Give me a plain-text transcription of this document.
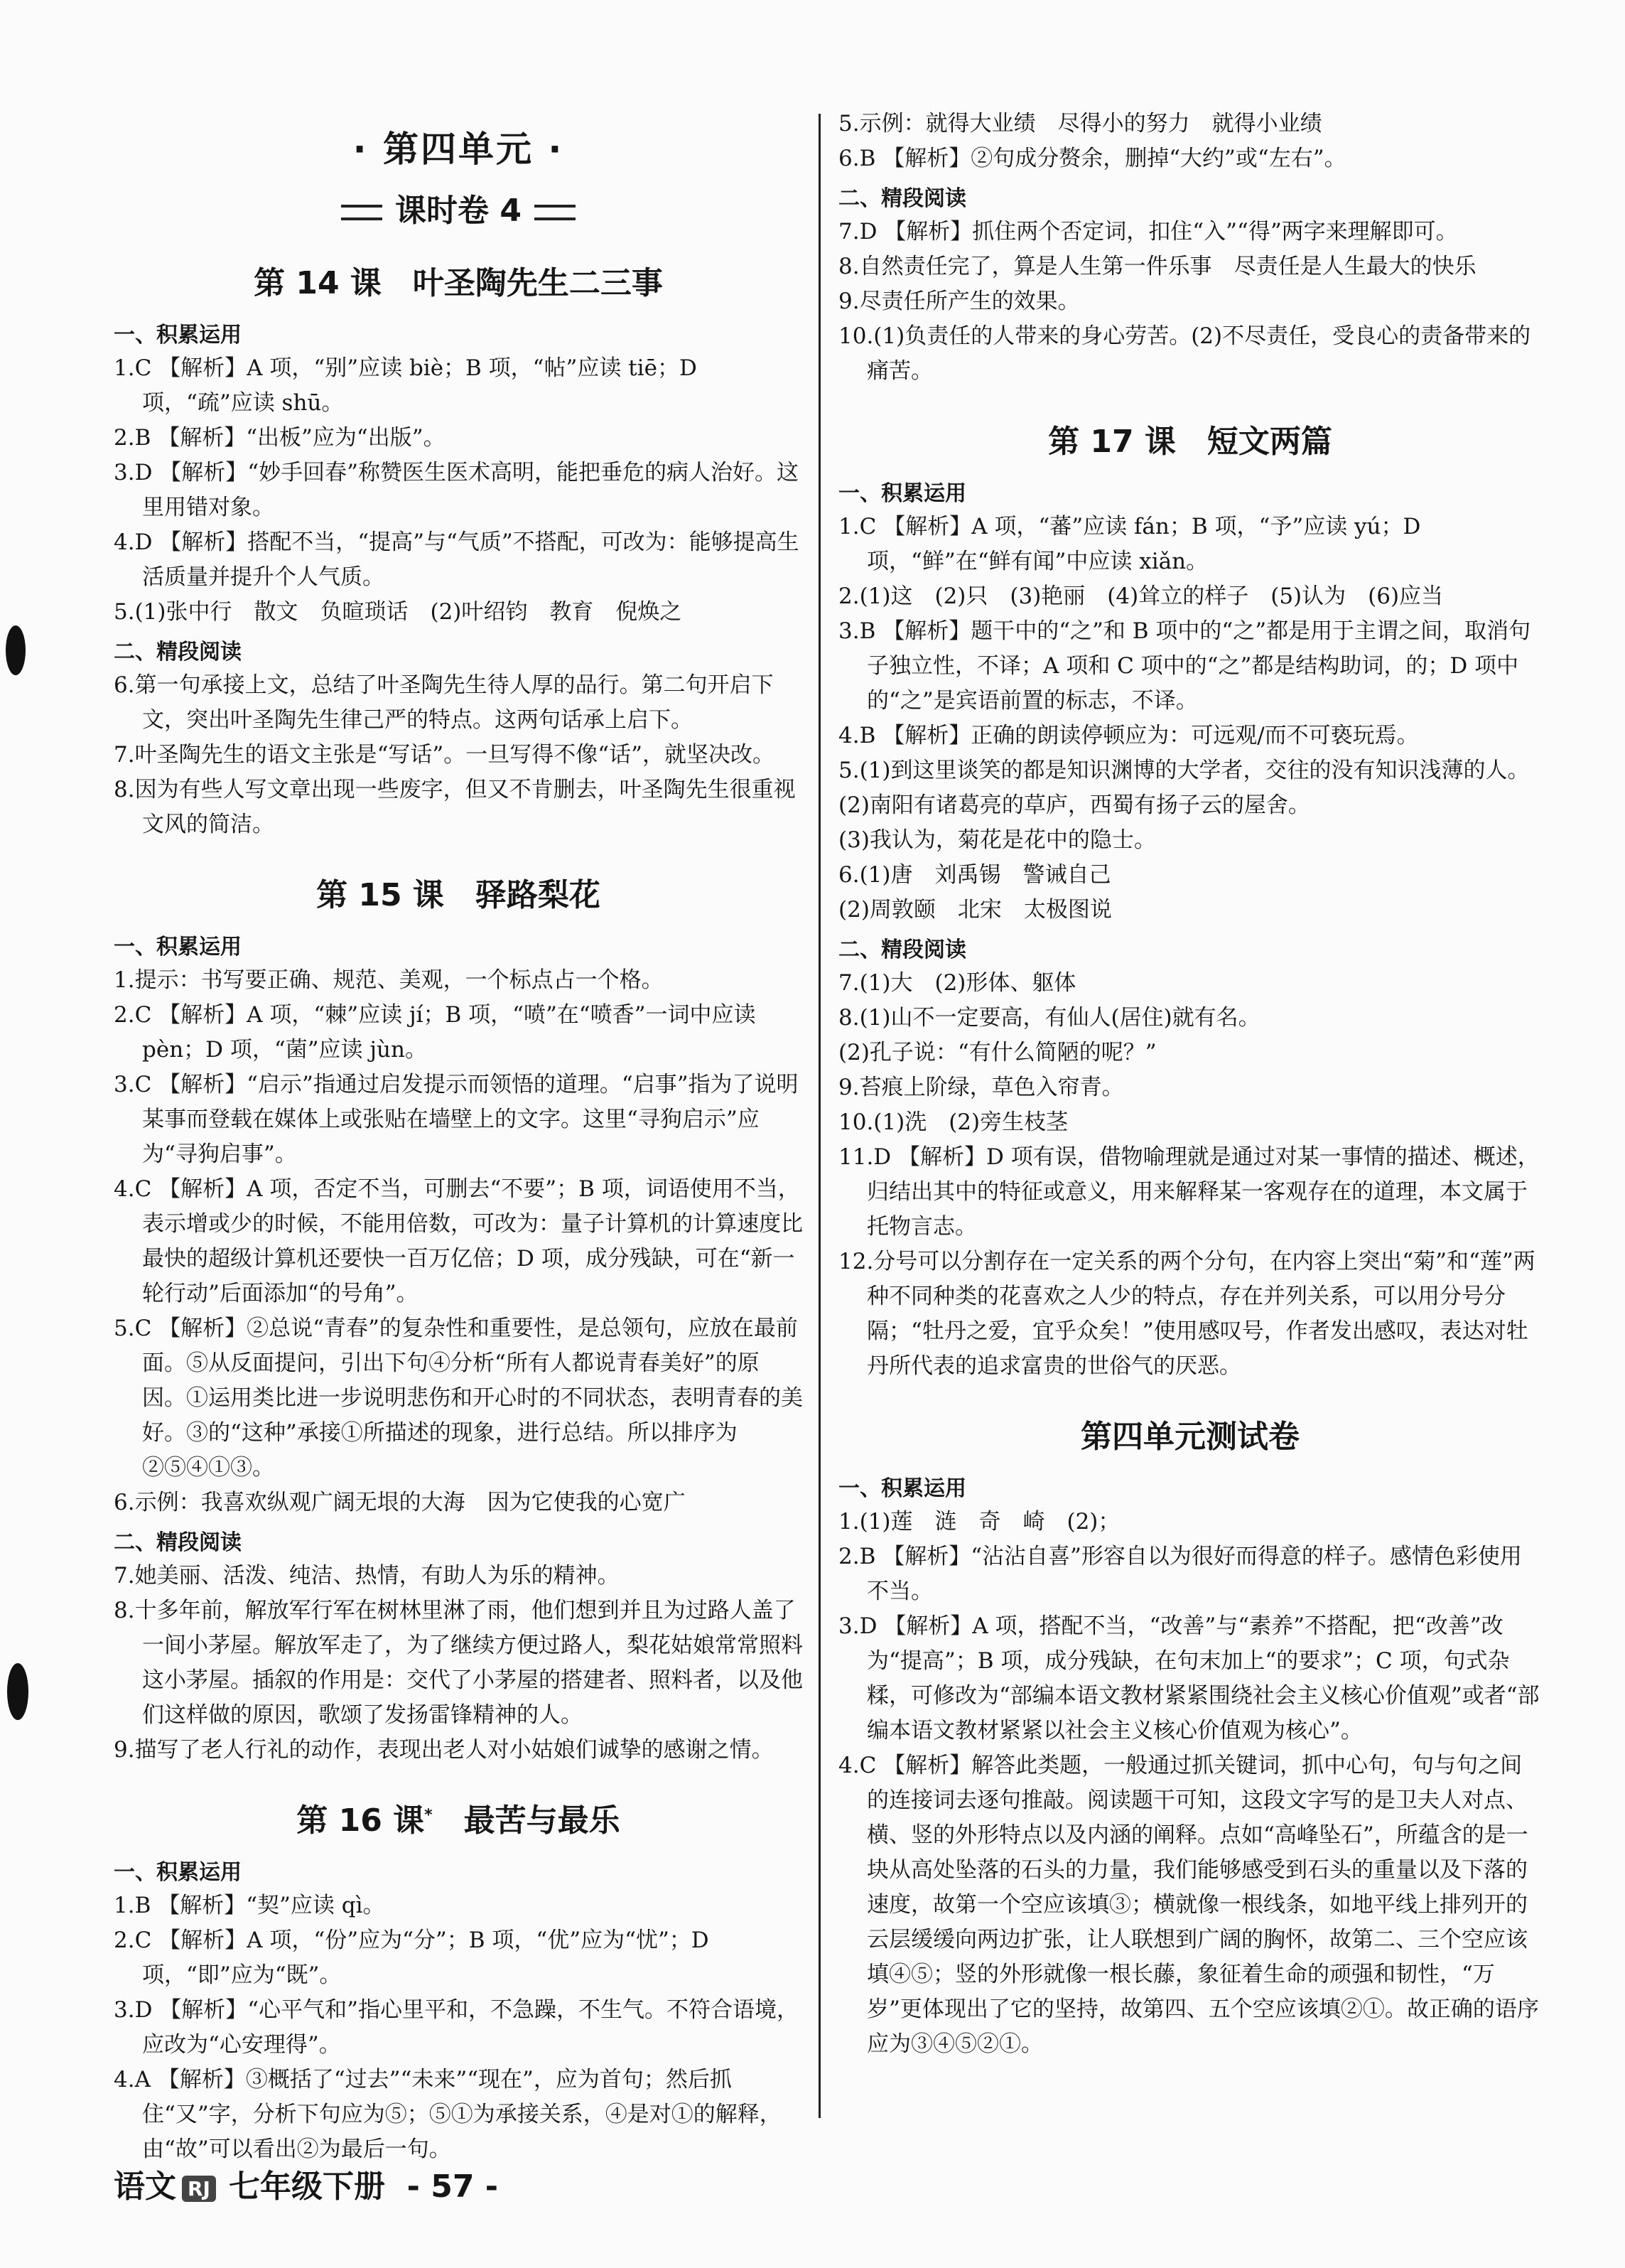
· 第四单元 ·
课时卷 4
第 14 课　叶圣陶先生二三事
一、积累运用
1.C 【解析】A 项，“别”应读 biè；B 项，“帖”应读 tiē；D 项，“疏”应读 shū。
2.B 【解析】“出板”应为“出版”。
3.D 【解析】“妙手回春”称赞医生医术高明，能把垂危的病人治好。这里用错对象。
4.D 【解析】搭配不当，“提高”与“气质”不搭配，可改为：能够提高生活质量并提升个人气质。
5.(1)张中行　散文　负暄琐话　(2)叶绍钧　教育　倪焕之
二、精段阅读
6.第一句承接上文，总结了叶圣陶先生待人厚的品行。第二句开启下文，突出叶圣陶先生律己严的特点。这两句话承上启下。
7.叶圣陶先生的语文主张是“写话”。一旦写得不像“话”，就坚决改。
8.因为有些人写文章出现一些废字，但又不肯删去，叶圣陶先生很重视文风的简洁。
第 15 课　驿路梨花
一、积累运用
1.提示：书写要正确、规范、美观，一个标点占一个格。
2.C 【解析】A 项，“棘”应读 jí；B 项，“喷”在“喷香”一词中应读 pèn；D 项，“菌”应读 jùn。
3.C 【解析】“启示”指通过启发提示而领悟的道理。“启事”指为了说明某事而登载在媒体上或张贴在墙壁上的文字。这里“寻狗启示”应为“寻狗启事”。
4.C 【解析】A 项，否定不当，可删去“不要”；B 项，词语使用不当，表示增或少的时候，不能用倍数，可改为：量子计算机的计算速度比最快的超级计算机还要快一百万亿倍；D 项，成分残缺，可在“新一轮行动”后面添加“的号角”。
5.C 【解析】②总说“青春”的复杂性和重要性，是总领句，应放在最前面。⑤从反面提问，引出下句④分析“所有人都说青春美好”的原因。①运用类比进一步说明悲伤和开心时的不同状态，表明青春的美好。③的“这种”承接①所描述的现象，进行总结。所以排序为②⑤④①③。
6.示例：我喜欢纵观广阔无垠的大海　因为它使我的心宽广
二、精段阅读
7.她美丽、活泼、纯洁、热情，有助人为乐的精神。
8.十多年前，解放军行军在树林里淋了雨，他们想到并且为过路人盖了一间小茅屋。解放军走了，为了继续方便过路人，梨花姑娘常常照料这小茅屋。插叙的作用是：交代了小茅屋的搭建者、照料者，以及他们这样做的原因，歌颂了发扬雷锋精神的人。
9.描写了老人行礼的动作，表现出老人对小姑娘们诚挚的感谢之情。
第 16 课*　最苦与最乐
一、积累运用
1.B 【解析】“契”应读 qì。
2.C 【解析】A 项，“份”应为“分”；B 项，“优”应为“忧”；D 项，“即”应为“既”。
3.D 【解析】“心平气和”指心里平和，不急躁，不生气。不符合语境，应改为“心安理得”。
4.A 【解析】③概括了“过去”“未来”“现在”，应为首句；然后抓住“又”字，分析下句应为⑤；⑤①为承接关系，④是对①的解释，由“故”可以看出②为最后一句。
语文 RJ 七年级下册 - 57 -
5.示例：就得大业绩　尽得小的努力　就得小业绩
6.B 【解析】②句成分赘余，删掉“大约”或“左右”。
二、精段阅读
7.D 【解析】抓住两个否定词，扣住“入”“得”两字来理解即可。
8.自然责任完了，算是人生第一件乐事　尽责任是人生最大的快乐
9.尽责任所产生的效果。
10.(1)负责任的人带来的身心劳苦。(2)不尽责任，受良心的责备带来的痛苦。
第 17 课　短文两篇
一、积累运用
1.C 【解析】A 项，“蕃”应读 fán；B 项，“予”应读 yú；D 项，“鲜”在“鲜有闻”中应读 xiǎn。
2.(1)这　(2)只　(3)艳丽　(4)耸立的样子　(5)认为　(6)应当
3.B 【解析】题干中的“之”和 B 项中的“之”都是用于主谓之间，取消句子独立性，不译；A 项和 C 项中的“之”都是结构助词，的；D 项中的“之”是宾语前置的标志，不译。
4.B 【解析】正确的朗读停顿应为：可远观/而不可亵玩焉。
5.(1)到这里谈笑的都是知识渊博的大学者，交往的没有知识浅薄的人。
(2)南阳有诸葛亮的草庐，西蜀有扬子云的屋舍。
(3)我认为，菊花是花中的隐士。
6.(1)唐　刘禹锡　警诫自己
(2)周敦颐　北宋　太极图说
二、精段阅读
7.(1)大　(2)形体、躯体
8.(1)山不一定要高，有仙人(居住)就有名。
(2)孔子说：“有什么简陋的呢？”
9.苔痕上阶绿，草色入帘青。
10.(1)洗　(2)旁生枝茎
11.D 【解析】D 项有误，借物喻理就是通过对某一事情的描述、概述，归结出其中的特征或意义，用来解释某一客观存在的道理，本文属于托物言志。
12.分号可以分割存在一定关系的两个分句，在内容上突出“菊”和“莲”两种不同种类的花喜欢之人少的特点，存在并列关系，可以用分号分隔；“牡丹之爱，宜乎众矣！”使用感叹号，作者发出感叹，表达对牡丹所代表的追求富贵的世俗气的厌恶。
第四单元测试卷
一、积累运用
1.(1)莲　涟　奇　崎　(2)；
2.B 【解析】“沾沾自喜”形容自以为很好而得意的样子。感情色彩使用不当。
3.D 【解析】A 项，搭配不当，“改善”与“素养”不搭配，把“改善”改为“提高”；B 项，成分残缺，在句末加上“的要求”；C 项，句式杂糅，可修改为“部编本语文教材紧紧围绕社会主义核心价值观”或者“部编本语文教材紧紧以社会主义核心价值观为核心”。
4.C 【解析】解答此类题，一般通过抓关键词，抓中心句，句与句之间的连接词去逐句推敲。阅读题干可知，这段文字写的是卫夫人对点、横、竖的外形特点以及内涵的阐释。点如“高峰坠石”，所蕴含的是一块从高处坠落的石头的力量，我们能够感受到石头的重量以及下落的速度，故第一个空应该填③；横就像一根线条，如地平线上排列开的云层缓缓向两边扩张，让人联想到广阔的胸怀，故第二、三个空应该填④⑤；竖的外形就像一根长藤，象征着生命的顽强和韧性，“万岁”更体现出了它的坚持，故第四、五个空应该填②①。故正确的语序应为③④⑤②①。
